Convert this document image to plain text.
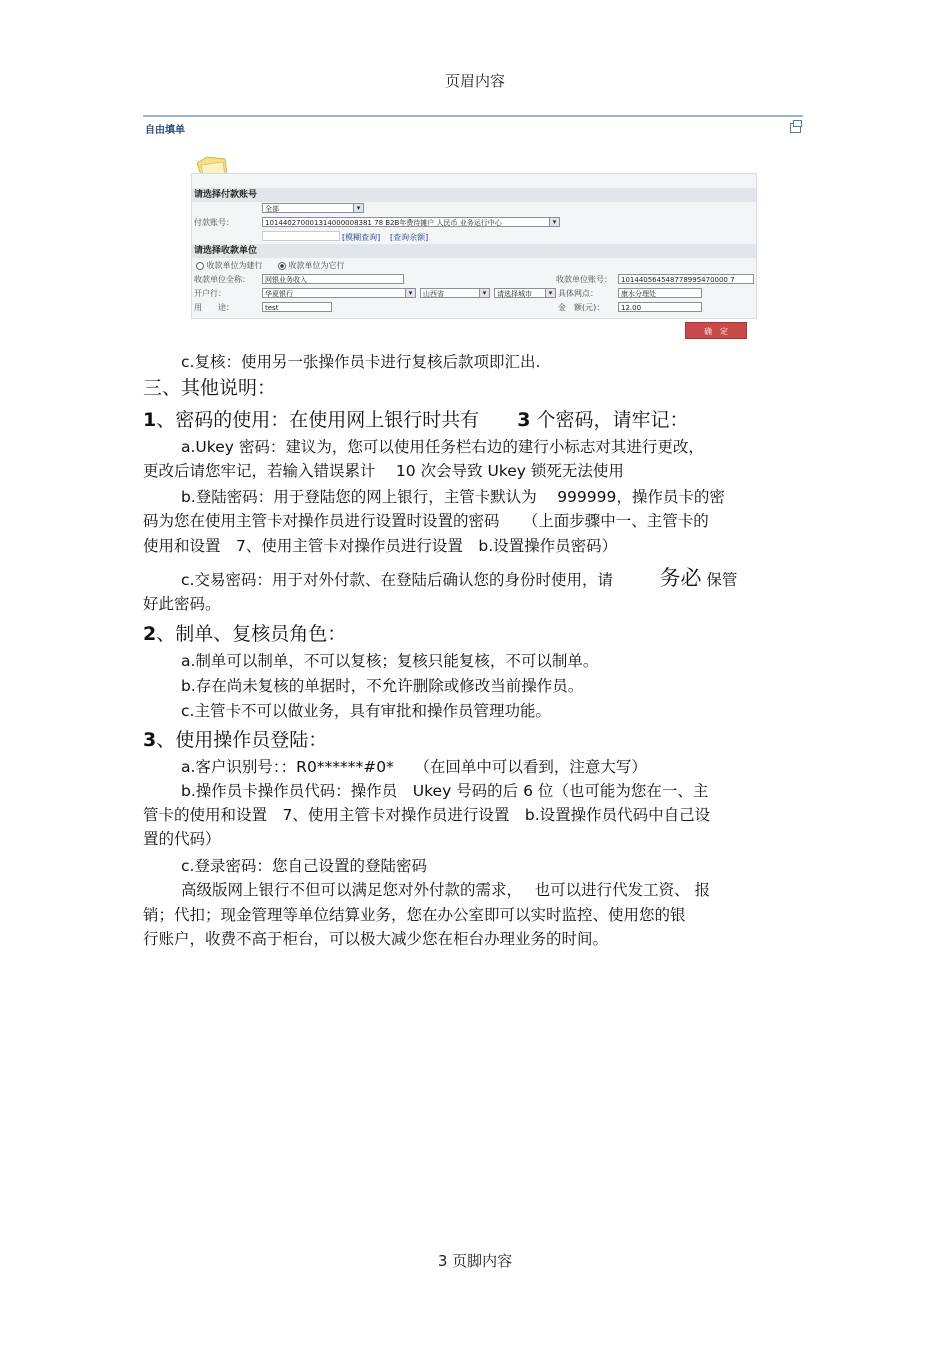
页眉内容
自由填单
请选择付款账号
全部 ▾
付款账号：	101440270001314000008381 78 B2B年费待摊户 人民币 业务运行中心 ▾
[模糊查询] [查询余额]
请选择收款单位
收款单位为建行	收款单位为它行
收款单位全称：	网银业务收入	收款单位账号：	101440564548778995470000 7
开户行：	华夏银行 ▾	山西省 ▾	请选择城市 ▾	具体网点：	康水分理处
用　　途：	test	金　额(元)：	12.00
确　定
c.复核：使用另一张操作员卡进行复核后款项即汇出.
三、其他说明：
1、密码的使用：在使用网上银行时共有　　 3 个密码，请牢记：
a.Ukey 密码：建议为，您可以使用任务栏右边的建行小标志对其进行更改，
更改后请您牢记，若输入错误累计　 10 次会导致 Ukey 锁死无法使用
b.登陆密码：用于登陆您的网上银行，主管卡默认为　 999999，操作员卡的密
码为您在使用主管卡对操作员进行设置时设置的密码　　（上面步骤中一、主管卡的
使用和设置　7、使用主管卡对操作员进行设置　b.设置操作员密码）
c.交易密码：用于对外付款、在登陆后确认您的身份时使用，请　　　 务必 保管
好此密码。
2、制单、复核员角色：
a.制单可以制单，不可以复核；复核只能复核，不可以制单。
b.存在尚未复核的单据时，不允许删除或修改当前操作员。
c.主管卡不可以做业务，具有审批和操作员管理功能。
3、使用操作员登陆：
a.客户识别号：：R0******#0*　 （在回单中可以看到，注意大写）
b.操作员卡操作员代码：操作员　Ukey 号码的后 6 位（也可能为您在一、主
管卡的使用和设置　7、使用主管卡对操作员进行设置　b.设置操作员代码中自己设
置的代码）
c.登录密码：您自己设置的登陆密码
高级版网上银行不但可以满足您对外付款的需求，　 也可以进行代发工资、 报
销；代扣；现金管理等单位结算业务，您在办公室即可以实时监控、使用您的银
行账户，收费不高于柜台，可以极大减少您在柜台办理业务的时间。
3 页脚内容
